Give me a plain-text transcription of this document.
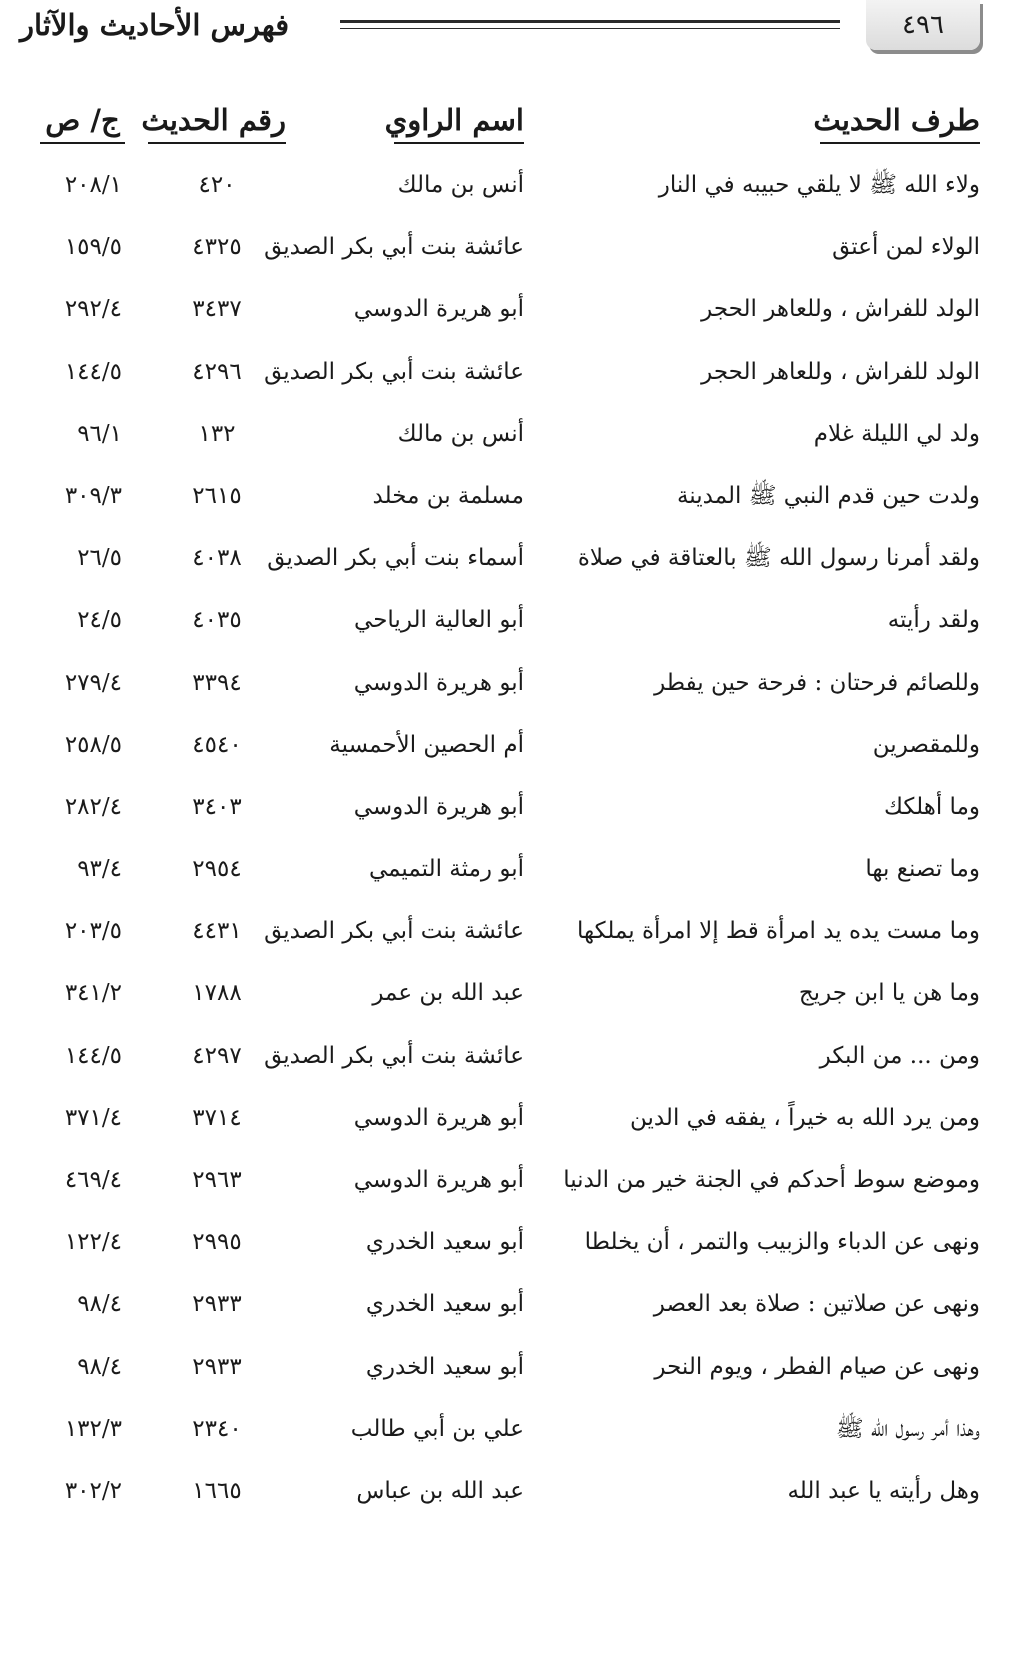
٤٩٦
فهرس الأحاديث والآثار
طرف الحديث
اسم الراوي
رقم الحديث
ج/ ص
ولاء الله ﷺ لا يلقي حبيبه في النار
أنس بن مالك
٤٢٠
٢٠٨/١
الولاء لمن أعتق
عائشة بنت أبي بكر الصديق
٤٣٢٥
١٥٩/٥
الولد للفراش ، وللعاهر الحجر
أبو هريرة الدوسي
٣٤٣٧
٢٩٢/٤
الولد للفراش ، وللعاهر الحجر
عائشة بنت أبي بكر الصديق
٤٢٩٦
١٤٤/٥
ولد لي الليلة غلام
أنس بن مالك
١٣٢
٩٦/١
ولدت حين قدم النبي ﷺ المدينة
مسلمة بن مخلد
٢٦١٥
٣٠٩/٣
ولقد أمرنا رسول الله ﷺ بالعتاقة في صلاة
أسماء بنت أبي بكر الصديق
٤٠٣٨
٢٦/٥
ولقد رأيته
أبو العالية الرياحي
٤٠٣٥
٢٤/٥
وللصائم فرحتان : فرحة حين يفطر
أبو هريرة الدوسي
٣٣٩٤
٢٧٩/٤
وللمقصرين
أم الحصين الأحمسية
٤٥٤٠
٢٥٨/٥
وما أهلكك
أبو هريرة الدوسي
٣٤٠٣
٢٨٢/٤
وما تصنع بها
أبو رمثة التميمي
٢٩٥٤
٩٣/٤
وما مست يده يد امرأة قط إلا امرأة يملكها
عائشة بنت أبي بكر الصديق
٤٤٣١
٢٠٣/٥
وما هن يا ابن جريج
عبد الله بن عمر
١٧٨٨
٣٤١/٢
ومن ... من البكر
عائشة بنت أبي بكر الصديق
٤٢٩٧
١٤٤/٥
ومن يرد الله به خيراً ، يفقه في الدين
أبو هريرة الدوسي
٣٧١٤
٣٧١/٤
وموضع سوط أحدكم في الجنة خير من الدنيا
أبو هريرة الدوسي
٢٩٦٣
٤٦٩/٤
ونهى عن الدباء والزبيب والتمر ، أن يخلطا
أبو سعيد الخدري
٢٩٩٥
١٢٢/٤
ونهى عن صلاتين : صلاة بعد العصر
أبو سعيد الخدري
٢٩٣٣
٩٨/٤
ونهى عن صيام الفطر ، ويوم النحر
أبو سعيد الخدري
٢٩٣٣
٩٨/٤
وهذا أمر رسول الله ﷺ
علي بن أبي طالب
٢٣٤٠
١٣٢/٣
وهل رأيته يا عبد الله
عبد الله بن عباس
١٦٦٥
٣٠٢/٢
